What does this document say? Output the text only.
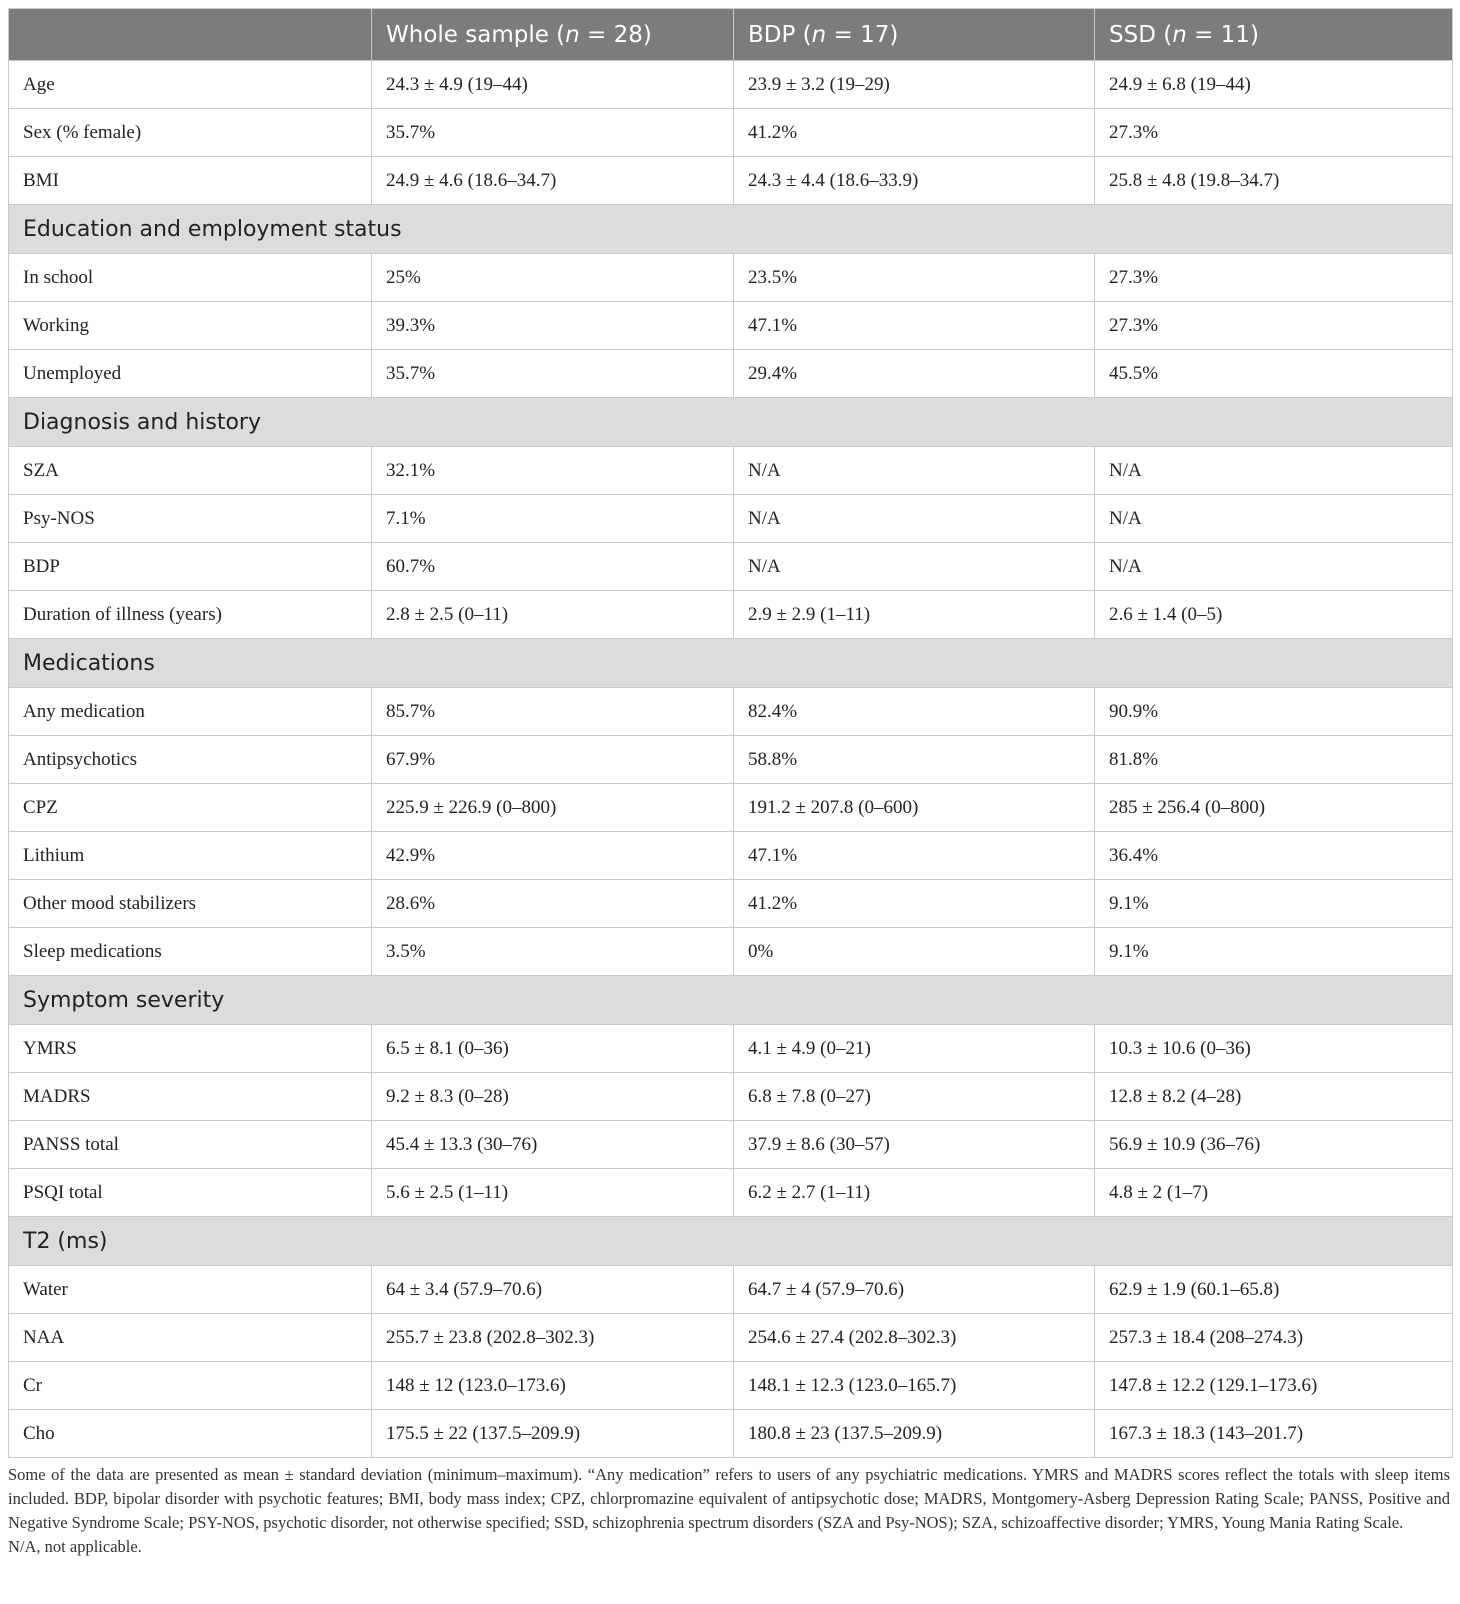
	Whole sample (n = 28)	BDP (n = 17)	SSD (n = 11)
Age	24.3 ± 4.9 (19–44)	23.9 ± 3.2 (19–29)	24.9 ± 6.8 (19–44)
Sex (% female)	35.7%	41.2%	27.3%
BMI	24.9 ± 4.6 (18.6–34.7)	24.3 ± 4.4 (18.6–33.9)	25.8 ± 4.8 (19.8–34.7)
Education and employment status			
In school	25%	23.5%	27.3%
Working	39.3%	47.1%	27.3%
Unemployed	35.7%	29.4%	45.5%
Diagnosis and history			
SZA	32.1%	N/A	N/A
Psy-NOS	7.1%	N/A	N/A
BDP	60.7%	N/A	N/A
Duration of illness (years)	2.8 ± 2.5 (0–11)	2.9 ± 2.9 (1–11)	2.6 ± 1.4 (0–5)
Medications			
Any medication	85.7%	82.4%	90.9%
Antipsychotics	67.9%	58.8%	81.8%
CPZ	225.9 ± 226.9 (0–800)	191.2 ± 207.8 (0–600)	285 ± 256.4 (0–800)
Lithium	42.9%	47.1%	36.4%
Other mood stabilizers	28.6%	41.2%	9.1%
Sleep medications	3.5%	0%	9.1%
Symptom severity			
YMRS	6.5 ± 8.1 (0–36)	4.1 ± 4.9 (0–21)	10.3 ± 10.6 (0–36)
MADRS	9.2 ± 8.3 (0–28)	6.8 ± 7.8 (0–27)	12.8 ± 8.2 (4–28)
PANSS total	45.4 ± 13.3 (30–76)	37.9 ± 8.6 (30–57)	56.9 ± 10.9 (36–76)
PSQI total	5.6 ± 2.5 (1–11)	6.2 ± 2.7 (1–11)	4.8 ± 2 (1–7)
T2 (ms)			
Water	64 ± 3.4 (57.9–70.6)	64.7 ± 4 (57.9–70.6)	62.9 ± 1.9 (60.1–65.8)
NAA	255.7 ± 23.8 (202.8–302.3)	254.6 ± 27.4 (202.8–302.3)	257.3 ± 18.4 (208–274.3)
Cr	148 ± 12 (123.0–173.6)	148.1 ± 12.3 (123.0–165.7)	147.8 ± 12.2 (129.1–173.6)
Cho	175.5 ± 22 (137.5–209.9)	180.8 ± 23 (137.5–209.9)	167.3 ± 18.3 (143–201.7)

Some of the data are presented as mean ± standard deviation (minimum–maximum). “Any medication” refers to users of any psychiatric medications. YMRS and MADRS scores reflect the totals with sleep items included. BDP, bipolar disorder with psychotic features; BMI, body mass index; CPZ, chlorpromazine equivalent of antipsychotic dose; MADRS, Montgomery-Asberg Depression Rating Scale; PANSS, Positive and Negative Syndrome Scale; PSY-NOS, psychotic disorder, not otherwise specified; SSD, schizophrenia spectrum disorders (SZA and Psy-NOS); SZA, schizoaffective disorder; YMRS, Young Mania Rating Scale.

N/A, not applicable.
